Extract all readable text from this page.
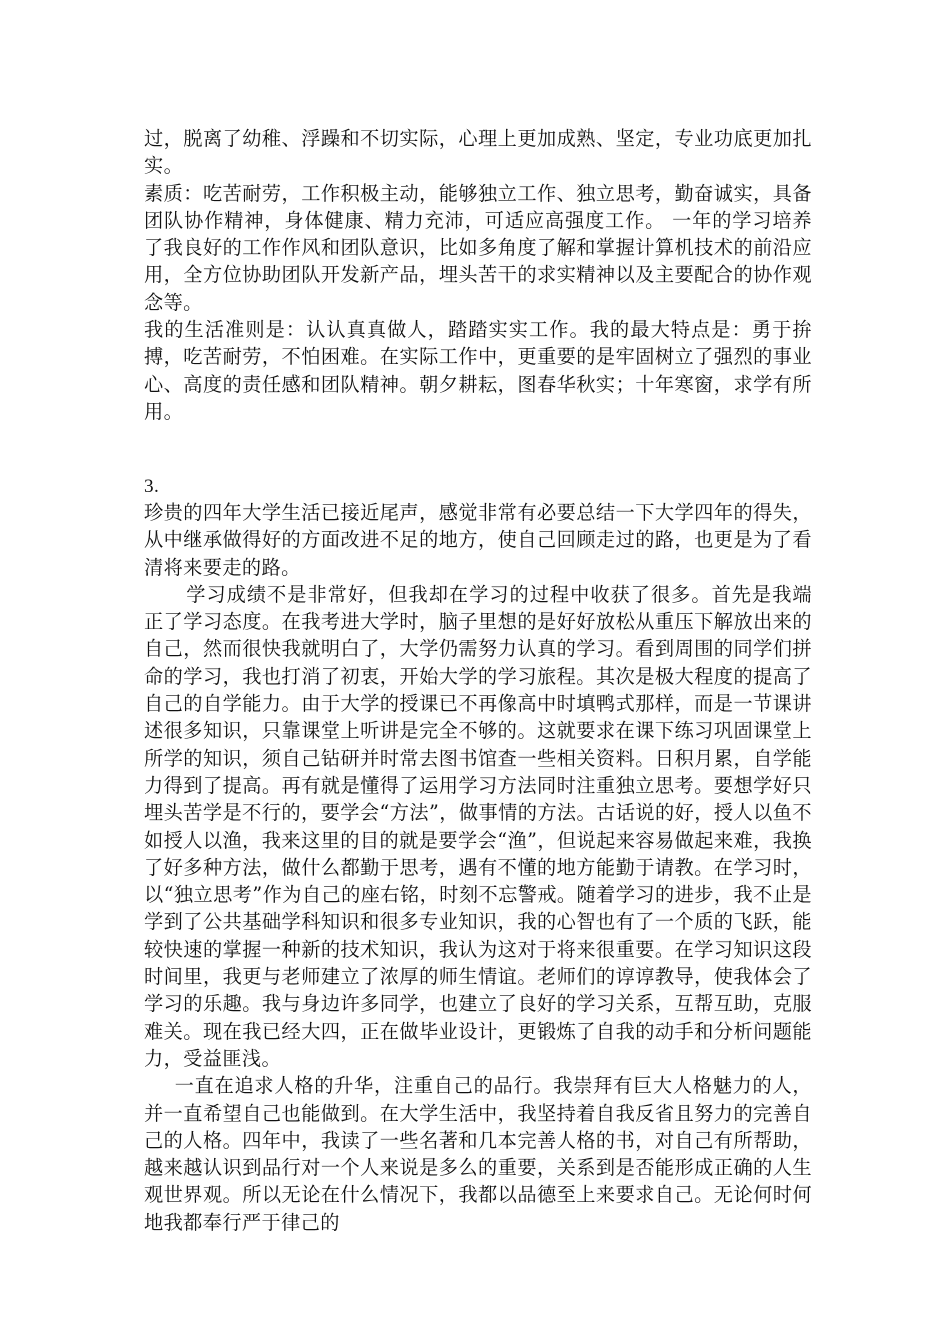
过，脱离了幼稚、浮躁和不切实际，心理上更加成熟、坚定，专业功底更加扎实。

素质：吃苦耐劳，工作积极主动，能够独立工作、独立思考，勤奋诚实，具备团队协作精神，身体健康、精力充沛，可适应高强度工作。 一年的学习培养了我良好的工作作风和团队意识，比如多角度了解和掌握计算机技术的前沿应用，全方位协助团队开发新产品，埋头苦干的求实精神以及主要配合的协作观念等。

我的生活准则是：认认真真做人，踏踏实实工作。我的最大特点是：勇于拚搏，吃苦耐劳，不怕困难。在实际工作中，更重要的是牢固树立了强烈的事业心、高度的责任感和团队精神。朝夕耕耘，图春华秋实；十年寒窗，求学有所用。

3.

珍贵的四年大学生活已接近尾声，感觉非常有必要总结一下大学四年的得失，从中继承做得好的方面改进不足的地方，使自己回顾走过的路，也更是为了看清将来要走的路。

学习成绩不是非常好，但我却在学习的过程中收获了很多。首先是我端正了学习态度。在我考进大学时，脑子里想的是好好放松从重压下解放出来的自己，然而很快我就明白了，大学仍需努力认真的学习。看到周围的同学们拼命的学习，我也打消了初衷，开始大学的学习旅程。其次是极大程度的提高了自己的自学能力。由于大学的授课已不再像高中时填鸭式那样，而是一节课讲述很多知识，只靠课堂上听讲是完全不够的。这就要求在课下练习巩固课堂上所学的知识，须自己钻研并时常去图书馆查一些相关资料。日积月累，自学能力得到了提高。再有就是懂得了运用学习方法同时注重独立思考。要想学好只埋头苦学是不行的，要学会“方法”，做事情的方法。古话说的好，授人以鱼不如授人以渔，我来这里的目的就是要学会“渔”，但说起来容易做起来难，我换了好多种方法，做什么都勤于思考，遇有不懂的地方能勤于请教。在学习时，以“独立思考”作为自己的座右铭，时刻不忘警戒。随着学习的进步，我不止是学到了公共基础学科知识和很多专业知识，我的心智也有了一个质的飞跃，能较快速的掌握一种新的技术知识，我认为这对于将来很重要。在学习知识这段时间里，我更与老师建立了浓厚的师生情谊。老师们的谆谆教导，使我体会了学习的乐趣。我与身边许多同学，也建立了良好的学习关系，互帮互助，克服难关。现在我已经大四，正在做毕业设计，更锻炼了自我的动手和分析问题能力，受益匪浅。

一直在追求人格的升华，注重自己的品行。我崇拜有巨大人格魅力的人，并一直希望自己也能做到。在大学生活中，我坚持着自我反省且努力的完善自己的人格。四年中，我读了一些名著和几本完善人格的书，对自己有所帮助，越来越认识到品行对一个人来说是多么的重要，关系到是否能形成正确的人生观世界观。所以无论在什么情况下，我都以品德至上来要求自己。无论何时何地我都奉行严于律己的
